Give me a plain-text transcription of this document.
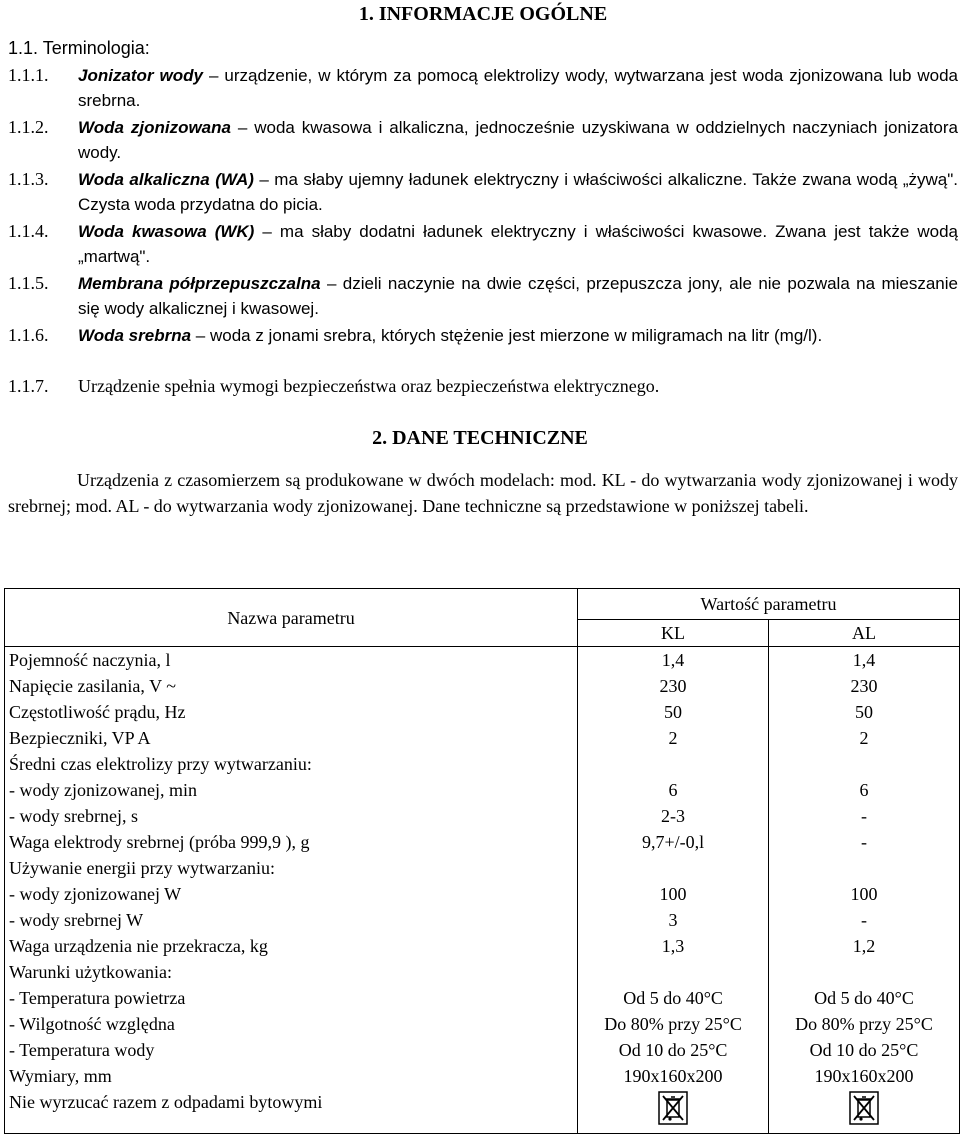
1. INFORMACJE OGÓLNE
1.1. Terminologia:
1.1.1.	Jonizator wody – urządzenie, w którym za pomocą elektrolizy wody, wytwarzana jest woda zjonizowana lub woda srebrna.
1.1.2.	Woda zjonizowana – woda kwasowa i alkaliczna, jednocześnie uzyskiwana w oddzielnych naczyniach jonizatora wody.
1.1.3.	Woda alkaliczna (WA) – ma słaby ujemny ładunek elektryczny i właściwości alkaliczne. Także zwana wodą „żywą". Czysta woda przydatna do picia.
1.1.4.	Woda kwasowa (WK) – ma słaby dodatni ładunek elektryczny i właściwości kwasowe. Zwana jest także wodą „martwą".
1.1.5.	Membrana półprzepuszczalna – dzieli naczynie na dwie części, przepuszcza jony, ale nie pozwala na mieszanie się wody alkalicznej i kwasowej.
1.1.6.	Woda srebrna – woda z jonami srebra, których stężenie jest mierzone w miligramach na litr (mg/l).
1.1.7.	Urządzenie spełnia wymogi bezpieczeństwa oraz bezpieczeństwa elektrycznego.
2. DANE TECHNICZNE
Urządzenia z czasomierzem są produkowane w dwóch modelach: mod. KL - do wytwarzania wody zjonizowanej i wody srebrnej; mod. AL - do wytwarzania wody zjonizowanej. Dane techniczne są przedstawione w poniższej tabeli.
Nazwa parametru	Wartość parametru	
	KL	AL
Pojemność naczynia, l	1,4	1,4
Napięcie zasilania, V ~	230	230
Częstotliwość prądu, Hz	50	50
Bezpieczniki, VP A	2	2
Średni czas elektrolizy przy wytwarzaniu:		
- wody zjonizowanej, min	6	6
- wody srebrnej, s	2-3	-
Waga elektrody srebrnej (próba 999,9 ), g	9,7+/-0,l	-
Używanie energii przy wytwarzaniu:		
- wody zjonizowanej W	100	100
- wody srebrnej W	3	-
Waga urządzenia nie przekracza, kg	1,3	1,2
Warunki użytkowania:		
- Temperatura powietrza	Od 5 do 40°C	Od 5 do 40°C
- Wilgotność względna	Do 80% przy 25°C	Do 80% przy 25°C
- Temperatura wody	Od 10 do 25°C	Od 10 do 25°C
Wymiary, mm	190x160x200	190x160x200
Nie wyrzucać razem z odpadami bytowymi		
